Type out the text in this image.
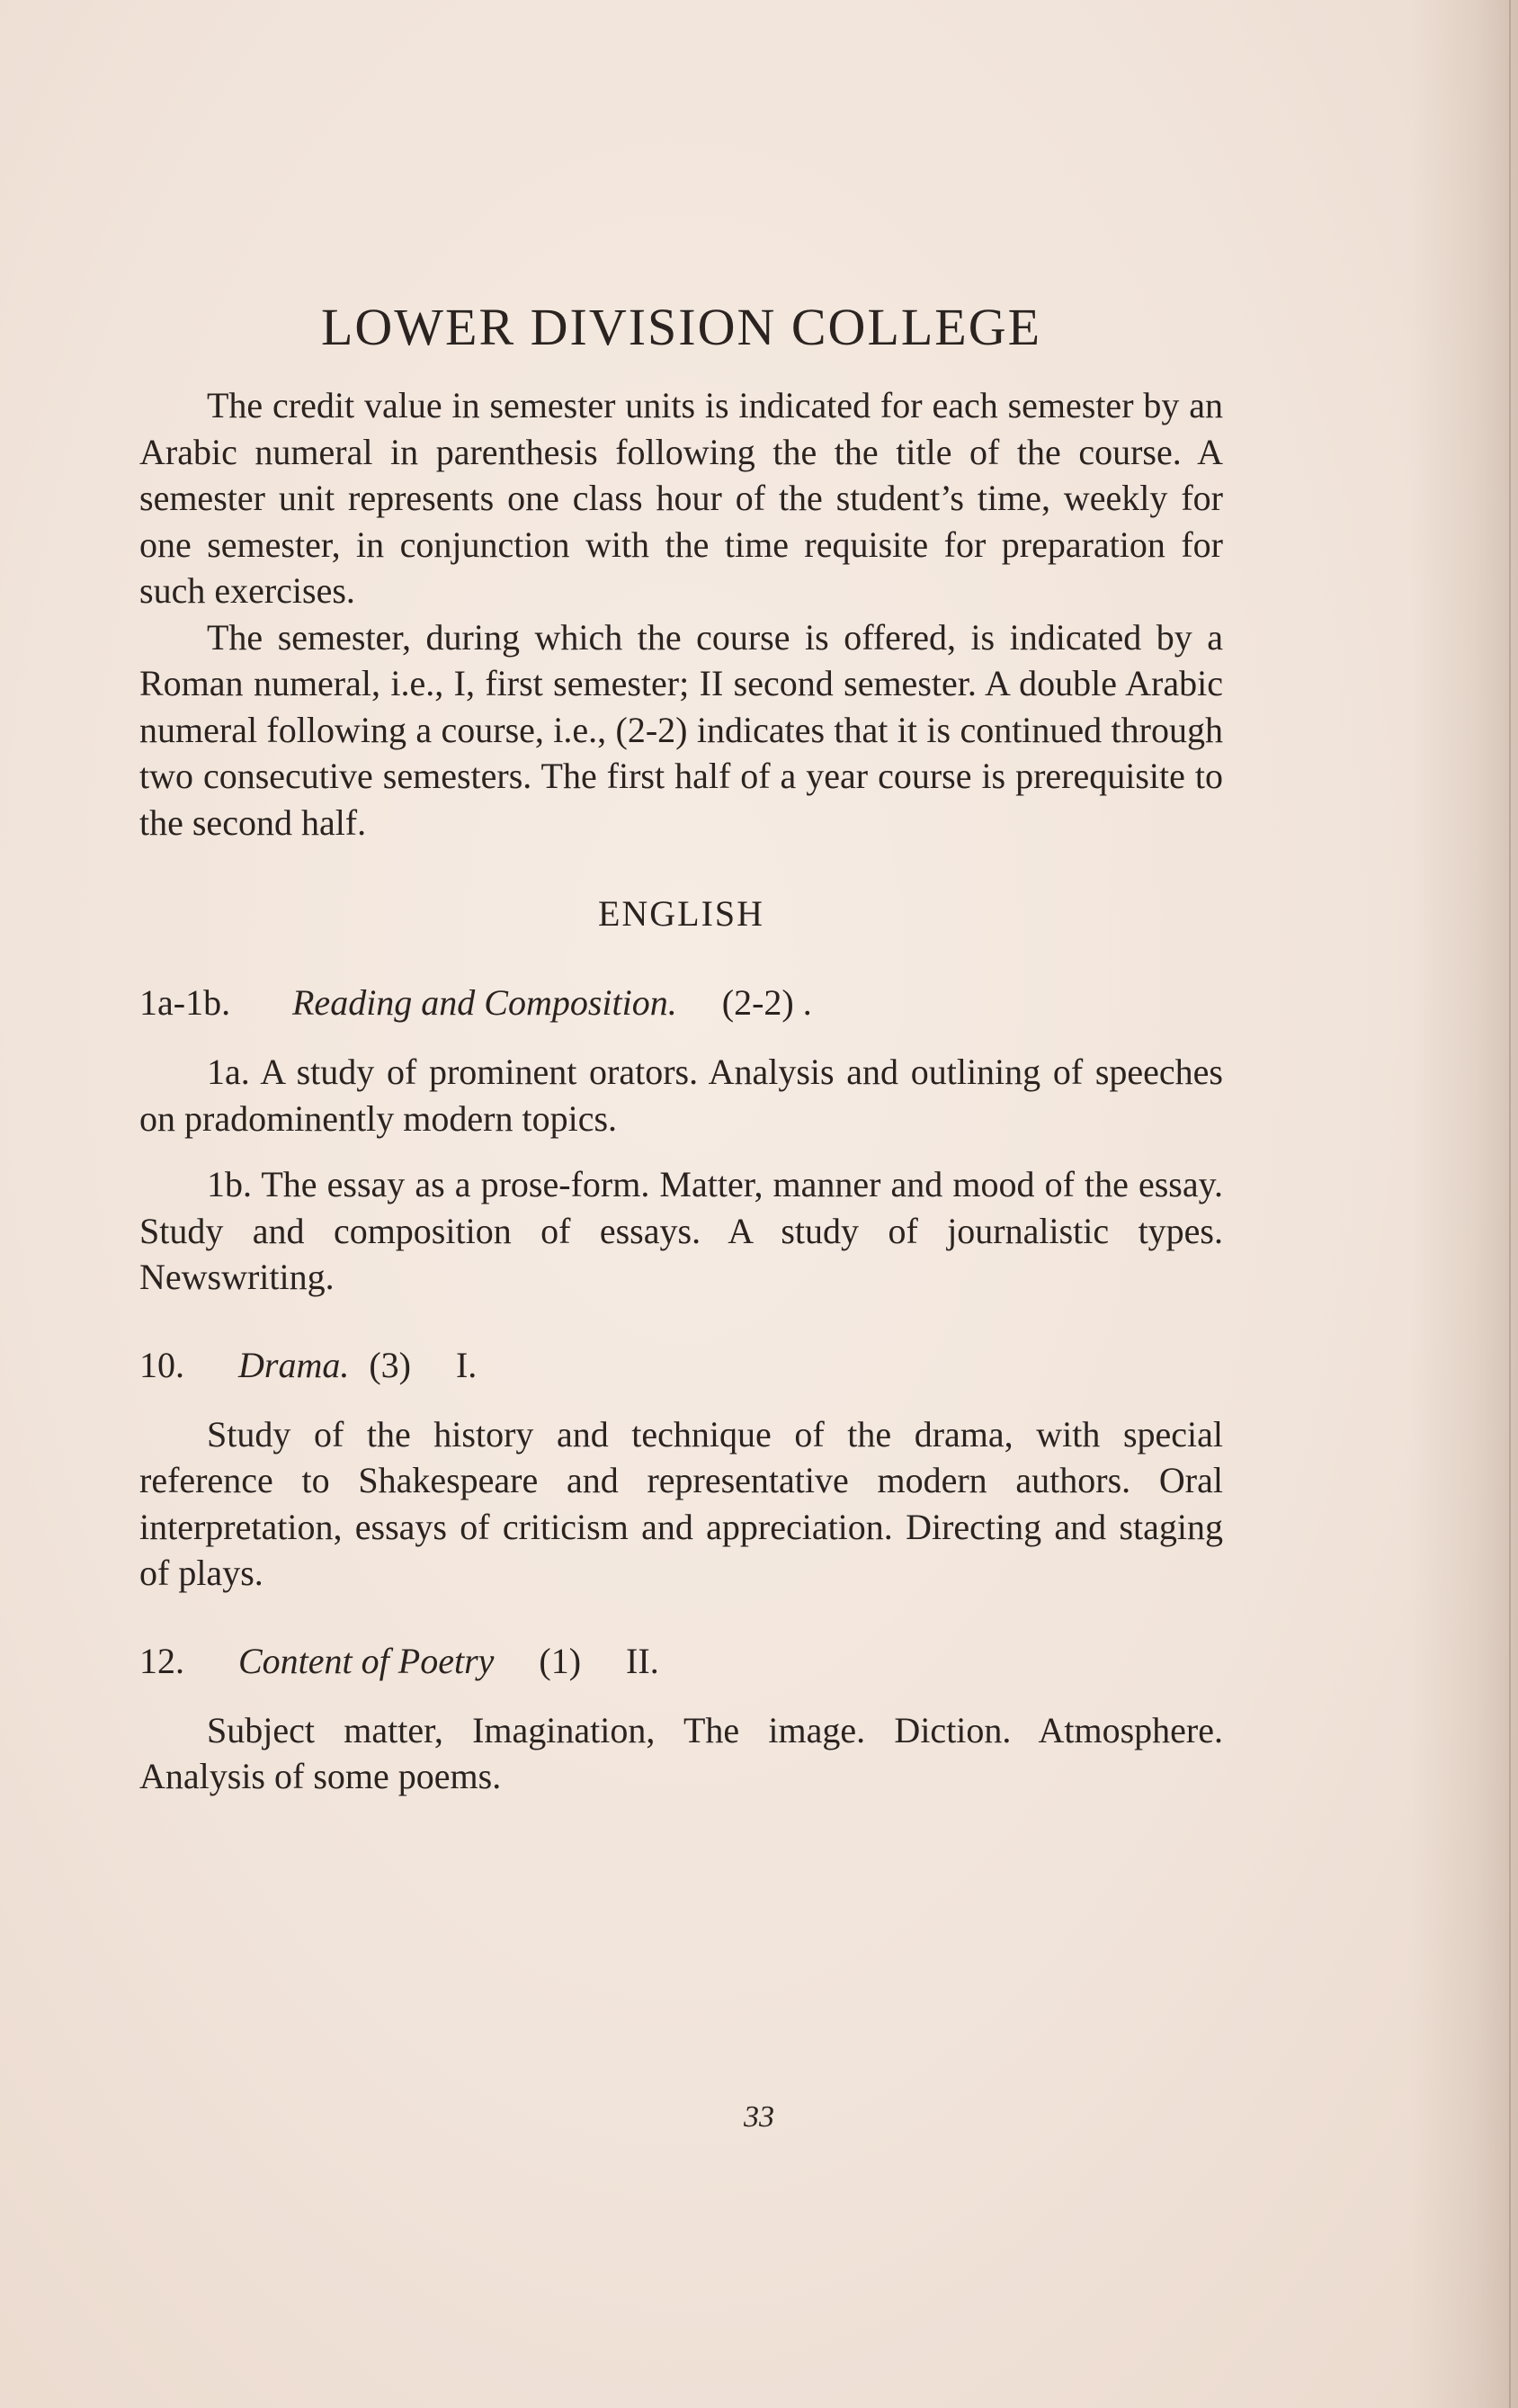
LOWER DIVISION COLLEGE

The credit value in semester units is indicated for each semester by an Arabic numeral in parenthesis following the the title of the course. A semester unit represents one class hour of the student’s time, weekly for one semester, in conjunction with the time requisite for preparation for such exercises.

The semester, during which the course is offered, is indicated by a Roman numeral, i.e., I, first semester; II second semester. A double Arabic numeral following a course, i.e., (2-2) indicates that it is continued through two consecutive semesters. The first half of a year course is prerequisite to the second half.

ENGLISH
1a-1b. Reading and Composition. (2-2) .

1a. A study of prominent orators. Analysis and outlining of speeches on pradominently modern topics.

1b. The essay as a prose-form. Matter, manner and mood of the essay. Study and composition of essays. A study of journalistic types. Newswriting.

10. Drama. (3) I.

Study of the history and technique of the drama, with special reference to Shakespeare and representative modern authors. Oral interpretation, essays of criticism and appreciation. Directing and staging of plays.

12. Content of Poetry (1) II.

Subject matter, Imagination, The image. Diction. Atmosphere. Analysis of some poems.

33
